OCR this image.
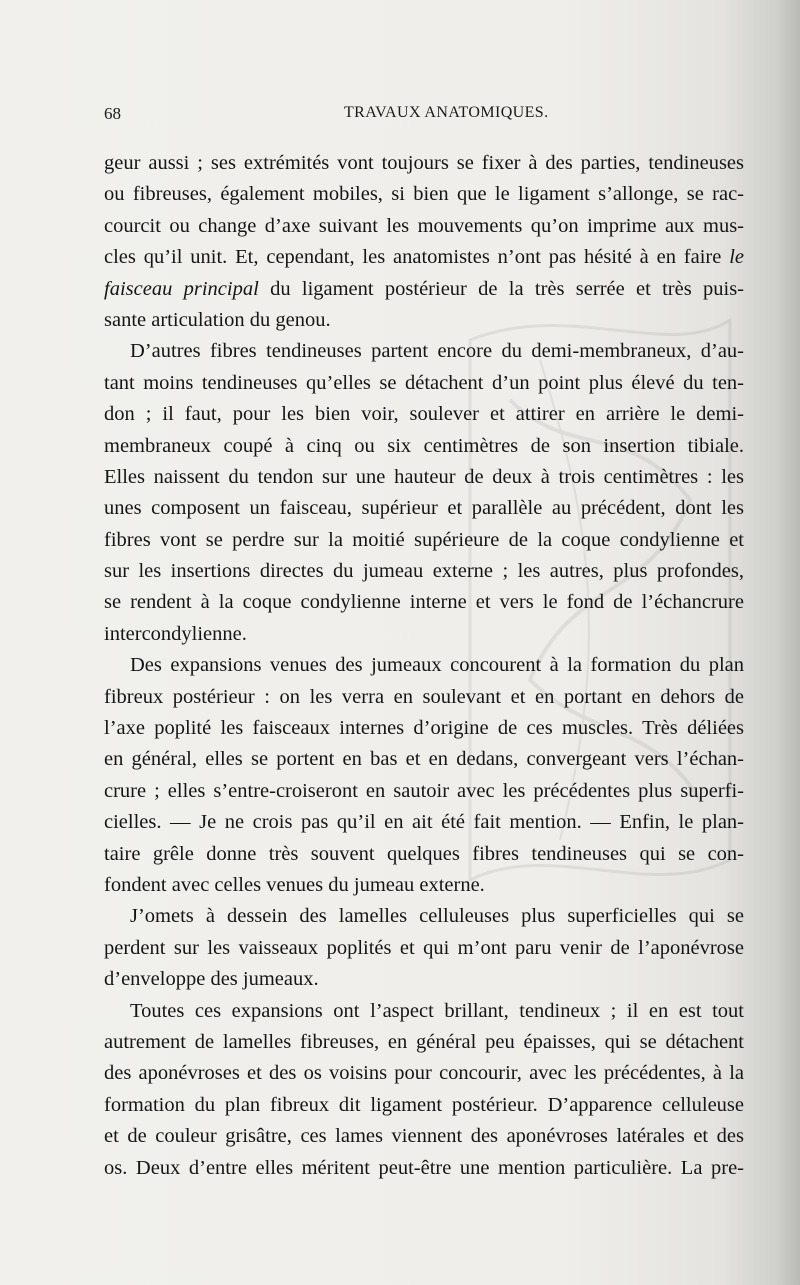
68	TRAVAUX ANATOMIQUES.
geur aussi ; ses extrémités vont toujours se fixer à des parties, tendineuses
ou fibreuses, également mobiles, si bien que le ligament s’allonge, se rac-
courcit ou change d’axe suivant les mouvements qu’on imprime aux mus-
cles qu’il unit. Et, cependant, les anatomistes n’ont pas hésité à en faire le
faisceau principal du ligament postérieur de la très serrée et très puis-
sante articulation du genou.
D’autres fibres tendineuses partent encore du demi-membraneux, d’au-
tant moins tendineuses qu’elles se détachent d’un point plus élevé du ten-
don ; il faut, pour les bien voir, soulever et attirer en arrière le demi-
membraneux coupé à cinq ou six centimètres de son insertion tibiale.
Elles naissent du tendon sur une hauteur de deux à trois centimètres : les
unes composent un faisceau, supérieur et parallèle au précédent, dont les
fibres vont se perdre sur la moitié supérieure de la coque condylienne et
sur les insertions directes du jumeau externe ; les autres, plus profondes,
se rendent à la coque condylienne interne et vers le fond de l’échancrure
intercondylienne.
Des expansions venues des jumeaux concourent à la formation du plan
fibreux postérieur : on les verra en soulevant et en portant en dehors de
l’axe poplité les faisceaux internes d’origine de ces muscles. Très déliées
en général, elles se portent en bas et en dedans, convergeant vers l’échan-
crure ; elles s’entre-croiseront en sautoir avec les précédentes plus superfi-
cielles. — Je ne crois pas qu’il en ait été fait mention. — Enfin, le plan-
taire grêle donne très souvent quelques fibres tendineuses qui se con-
fondent avec celles venues du jumeau externe.
J’omets à dessein des lamelles celluleuses plus superficielles qui se
perdent sur les vaisseaux poplités et qui m’ont paru venir de l’aponévrose
d’enveloppe des jumeaux.
Toutes ces expansions ont l’aspect brillant, tendineux ; il en est tout
autrement de lamelles fibreuses, en général peu épaisses, qui se détachent
des aponévroses et des os voisins pour concourir, avec les précédentes, à la
formation du plan fibreux dit ligament postérieur. D’apparence celluleuse
et de couleur grisâtre, ces lames viennent des aponévroses latérales et des
os. Deux d’entre elles méritent peut-être une mention particulière. La pre-
